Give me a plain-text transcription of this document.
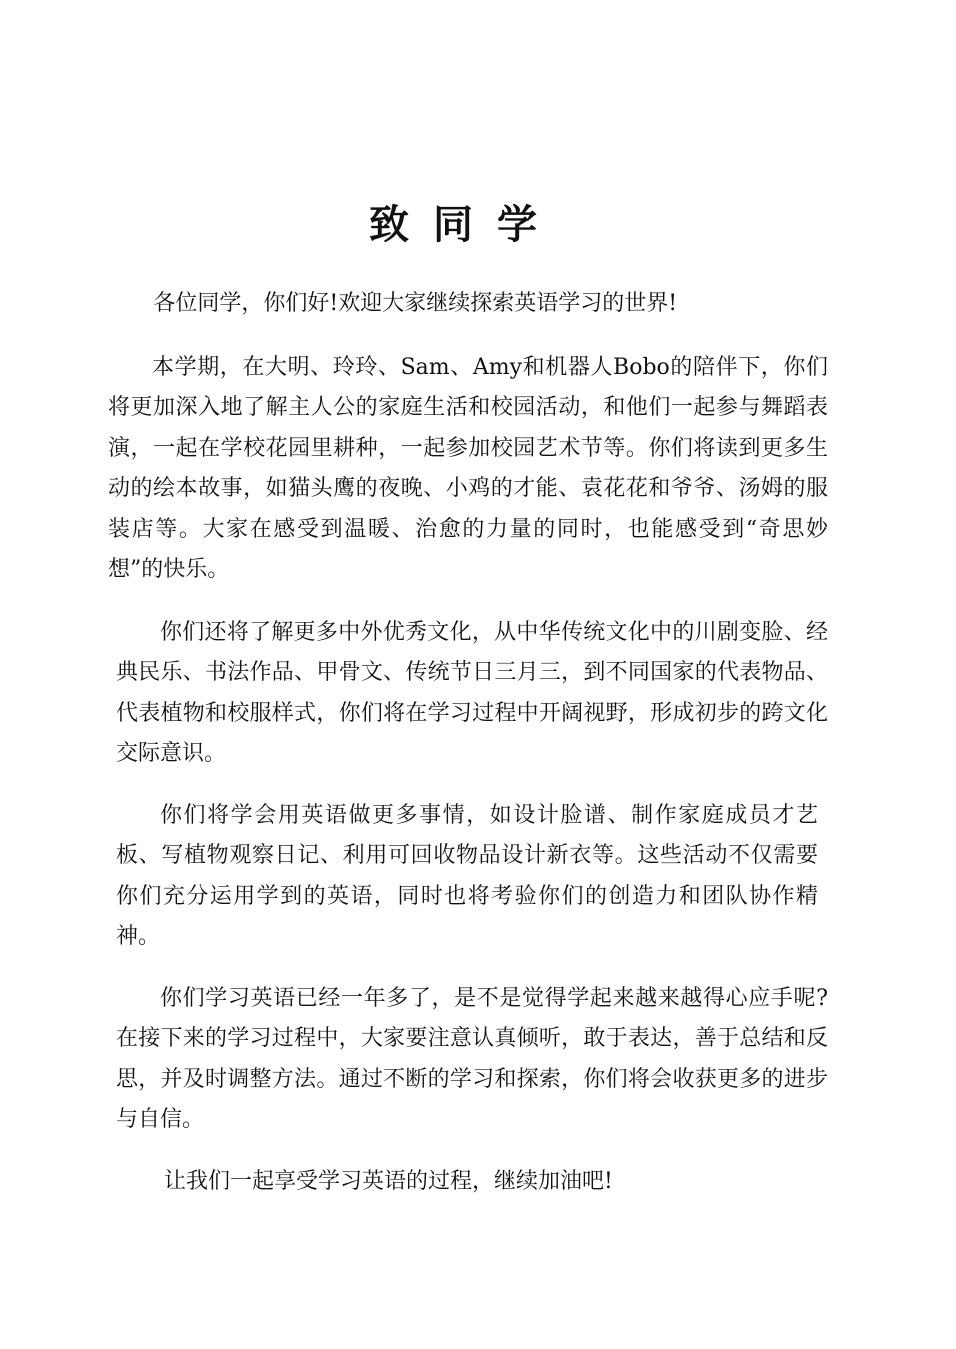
致同学

各位同学，你们好!欢迎大家继续探索英语学习的世界!

本学期，在大明、玲玲、Sam、Amy和机器人Bobo的陪伴下，你们将更加深入地了解主人公的家庭生活和校园活动，和他们一起参与舞蹈表演，一起在学校花园里耕种，一起参加校园艺术节等。你们将读到更多生动的绘本故事，如猫头鹰的夜晚、小鸡的才能、袁花花和爷爷、汤姆的服装店等。大家在感受到温暖、治愈的力量的同时，也能感受到“奇思妙想”的快乐。

你们还将了解更多中外优秀文化，从中华传统文化中的川剧变脸、经典民乐、书法作品、甲骨文、传统节日三月三，到不同国家的代表物品、代表植物和校服样式，你们将在学习过程中开阔视野，形成初步的跨文化交际意识。

你们将学会用英语做更多事情，如设计脸谱、制作家庭成员才艺板、写植物观察日记、利用可回收物品设计新衣等。这些活动不仅需要你们充分运用学到的英语，同时也将考验你们的创造力和团队协作精神。

你们学习英语已经一年多了，是不是觉得学起来越来越得心应手呢?在接下来的学习过程中，大家要注意认真倾听，敢于表达，善于总结和反思，并及时调整方法。通过不断的学习和探索，你们将会收获更多的进步与自信。

让我们一起享受学习英语的过程，继续加油吧!
